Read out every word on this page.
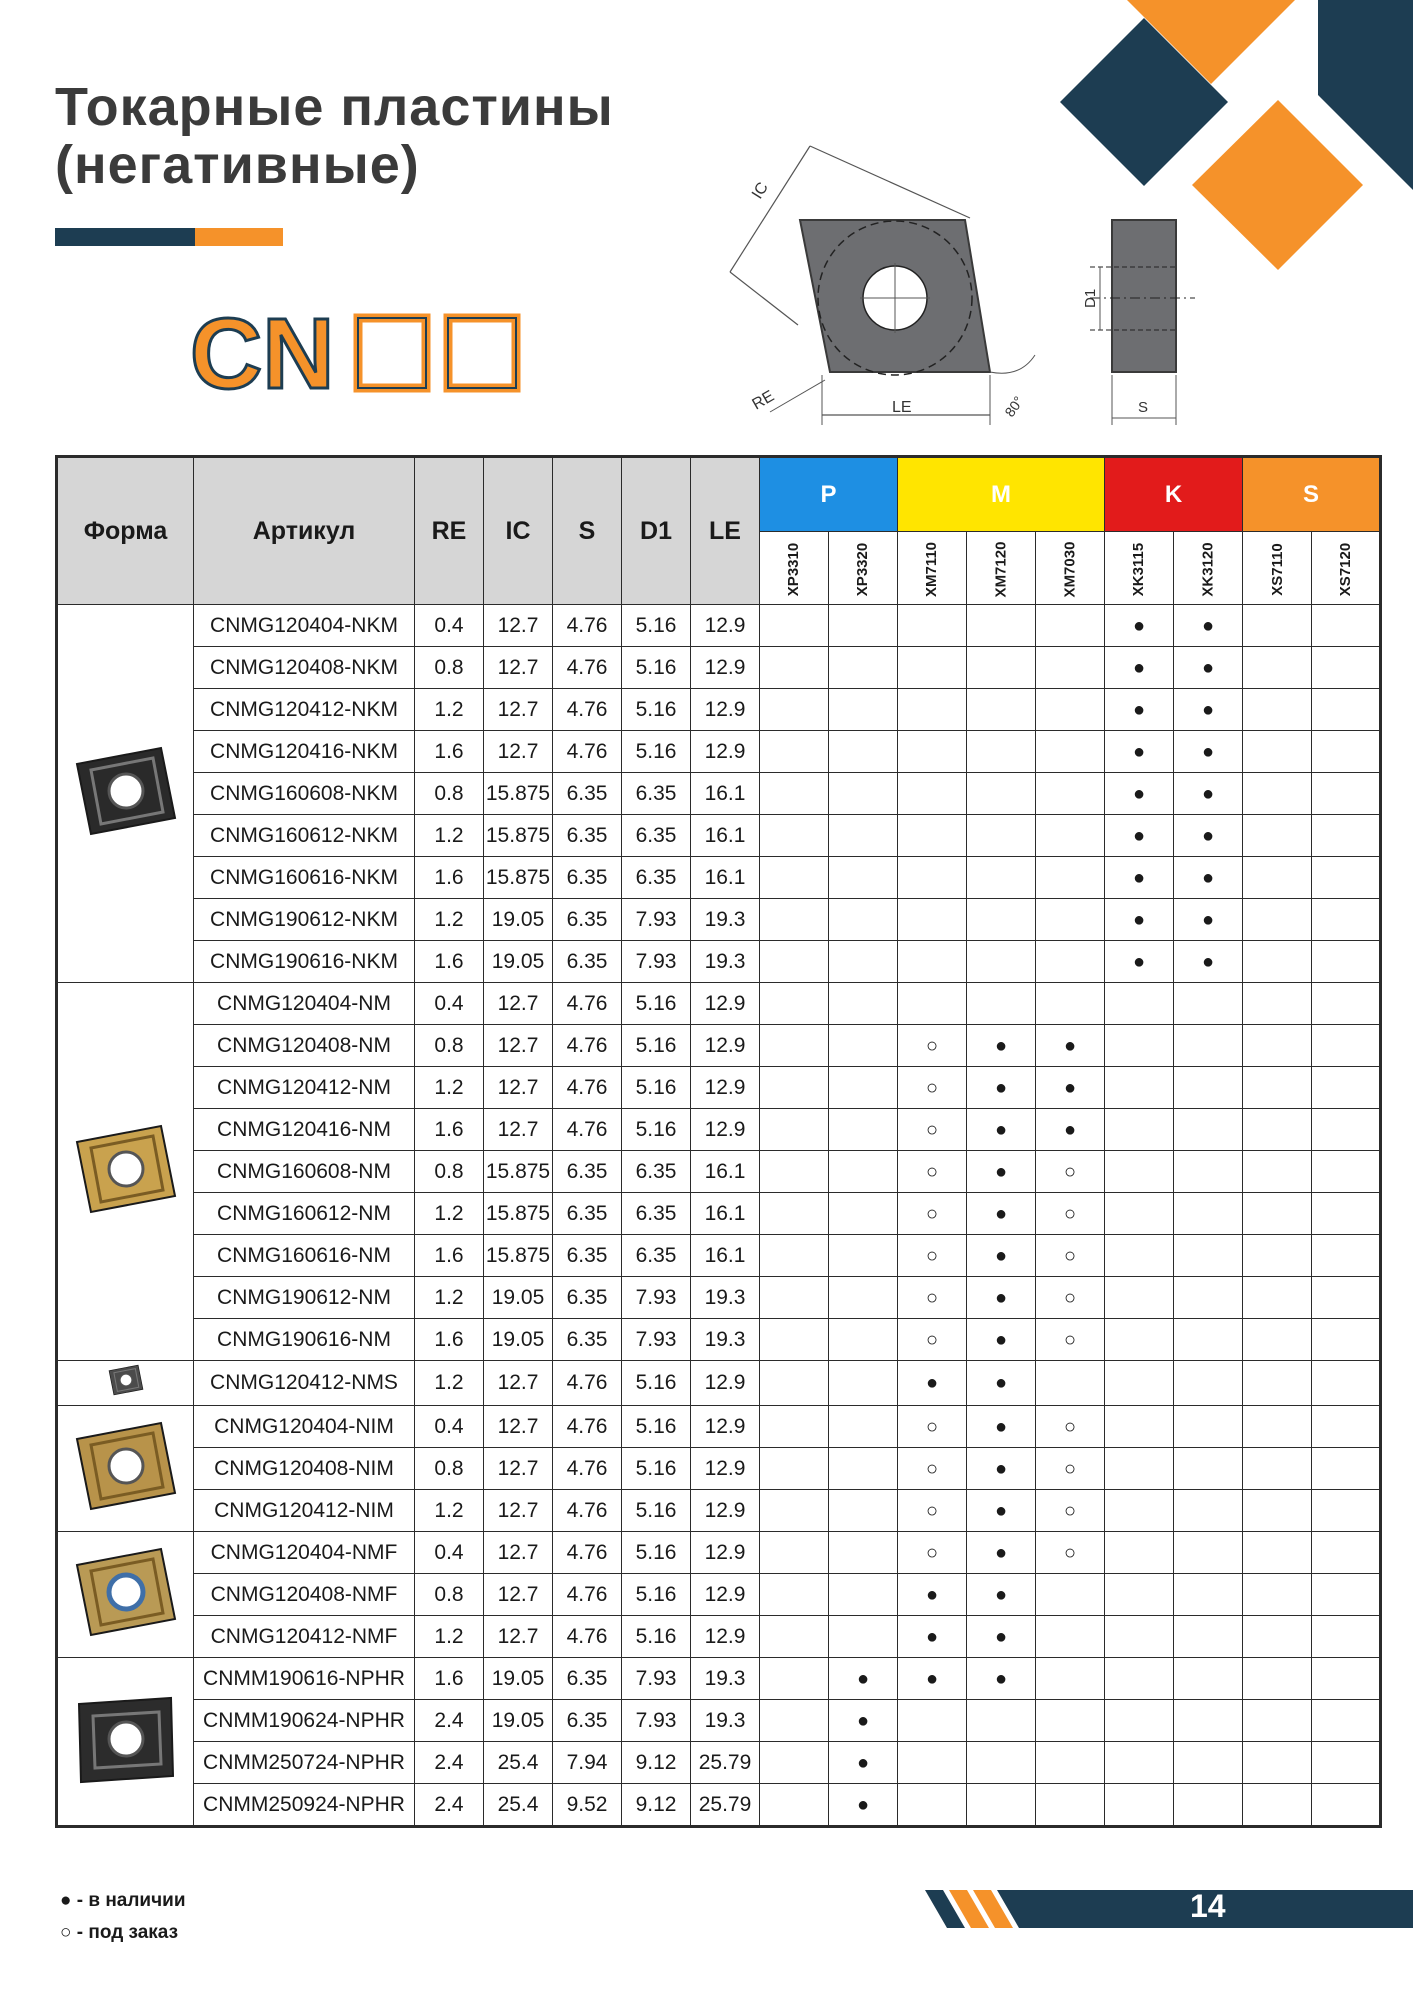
Токарные пластины
(негативные)
CN
IC
LE
RE	80°
D1
S
Форма	Артикул	RE	IC	S	D1	LE	P		M			K		S	
							XP3310	XP3320	XM7110	XM7120	XM7030	XK3115	XK3120	XS7110	XS7120
	CNMG120404-NKM	0.4	12.7	4.76	5.16	12.9						●	●		
	CNMG120408-NKM	0.8	12.7	4.76	5.16	12.9						●	●		
	CNMG120412-NKM	1.2	12.7	4.76	5.16	12.9						●	●		
	CNMG120416-NKM	1.6	12.7	4.76	5.16	12.9						●	●		
	CNMG160608-NKM	0.8	15.875	6.35	6.35	16.1						●	●		
	CNMG160612-NKM	1.2	15.875	6.35	6.35	16.1						●	●		
	CNMG160616-NKM	1.6	15.875	6.35	6.35	16.1						●	●		
	CNMG190612-NKM	1.2	19.05	6.35	7.93	19.3						●	●		
	CNMG190616-NKM	1.6	19.05	6.35	7.93	19.3						●	●		
	CNMG120404-NM	0.4	12.7	4.76	5.16	12.9									
	CNMG120408-NM	0.8	12.7	4.76	5.16	12.9			○	●	●				
	CNMG120412-NM	1.2	12.7	4.76	5.16	12.9			○	●	●				
	CNMG120416-NM	1.6	12.7	4.76	5.16	12.9			○	●	●				
	CNMG160608-NM	0.8	15.875	6.35	6.35	16.1			○	●	○				
	CNMG160612-NM	1.2	15.875	6.35	6.35	16.1			○	●	○				
	CNMG160616-NM	1.6	15.875	6.35	6.35	16.1			○	●	○				
	CNMG190612-NM	1.2	19.05	6.35	7.93	19.3			○	●	○				
	CNMG190616-NM	1.6	19.05	6.35	7.93	19.3			○	●	○				
	CNMG120412-NMS	1.2	12.7	4.76	5.16	12.9			●	●					
	CNMG120404-NIM	0.4	12.7	4.76	5.16	12.9			○	●	○				
	CNMG120408-NIM	0.8	12.7	4.76	5.16	12.9			○	●	○				
	CNMG120412-NIM	1.2	12.7	4.76	5.16	12.9			○	●	○				
	CNMG120404-NMF	0.4	12.7	4.76	5.16	12.9			○	●	○				
	CNMG120408-NMF	0.8	12.7	4.76	5.16	12.9			●	●					
	CNMG120412-NMF	1.2	12.7	4.76	5.16	12.9			●	●					
	CNMM190616-NPHR	1.6	19.05	6.35	7.93	19.3		●	●	●					
	CNMM190624-NPHR	2.4	19.05	6.35	7.93	19.3		●							
	CNMM250724-NPHR	2.4	25.4	7.94	9.12	25.79		●							
	CNMM250924-NPHR	2.4	25.4	9.52	9.12	25.79		●							
● - в наличии
○ - под заказ
14
